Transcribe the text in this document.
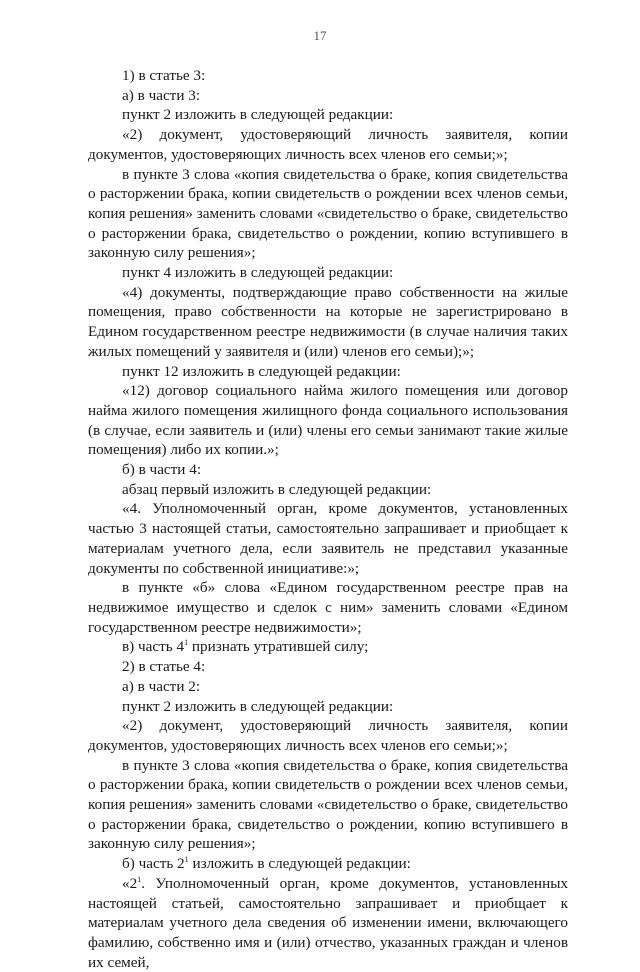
17

1) в статье 3:

а) в части 3:

пункт 2 изложить в следующей редакции:

«2) документ, удостоверяющий личность заявителя, копии документов, удостоверяющих личность всех членов его семьи;»;

в пункте 3 слова «копия свидетельства о браке, копия свидетельства о расторжении брака, копии свидетельств о рождении всех членов семьи, копия решения» заменить словами «свидетельство о браке, свидетельство о расторжении брака, свидетельство о рождении, копию вступившего в законную силу решения»;

пункт 4 изложить в следующей редакции:

«4) документы, подтверждающие право собственности на жилые помещения, право собственности на которые не зарегистрировано в Едином государственном реестре недвижимости (в случае наличия таких жилых помещений у заявителя и (или) членов его семьи);»;

пункт 12 изложить в следующей редакции:

«12) договор социального найма жилого помещения или договор найма жилого помещения жилищного фонда социального использования (в случае, если заявитель и (или) члены его семьи занимают такие жилые помещения) либо их копии.»;

б) в части 4:

абзац первый изложить в следующей редакции:

«4. Уполномоченный орган, кроме документов, установленных частью 3 настоящей статьи, самостоятельно запрашивает и приобщает к материалам учетного дела, если заявитель не представил указанные документы по собственной инициативе:»;

в пункте «б» слова «Едином государственном реестре прав на недвижимое имущество и сделок с ним» заменить словами «Едином государственном реестре недвижимости»;

в) часть $4^1$ признать утратившей силу;

2) в статье 4:

а) в части 2:

пункт 2 изложить в следующей редакции:

«2) документ, удостоверяющий личность заявителя, копии документов, удостоверяющих личность всех членов его семьи;»;

в пункте 3 слова «копия свидетельства о браке, копия свидетельства о расторжении брака, копии свидетельств о рождении всех членов семьи, копия решения» заменить словами «свидетельство о браке, свидетельство о расторжении брака, свидетельство о рождении, копию вступившего в законную силу решения»;

б) часть $2^1$ изложить в следующей редакции:

«$2^1$. Уполномоченный орган, кроме документов, установленных настоящей статьей, самостоятельно запрашивает и приобщает к материалам учетного дела сведения об изменении имени, включающего фамилию, собственно имя и (или) отчество, указанных граждан и членов их семей,
